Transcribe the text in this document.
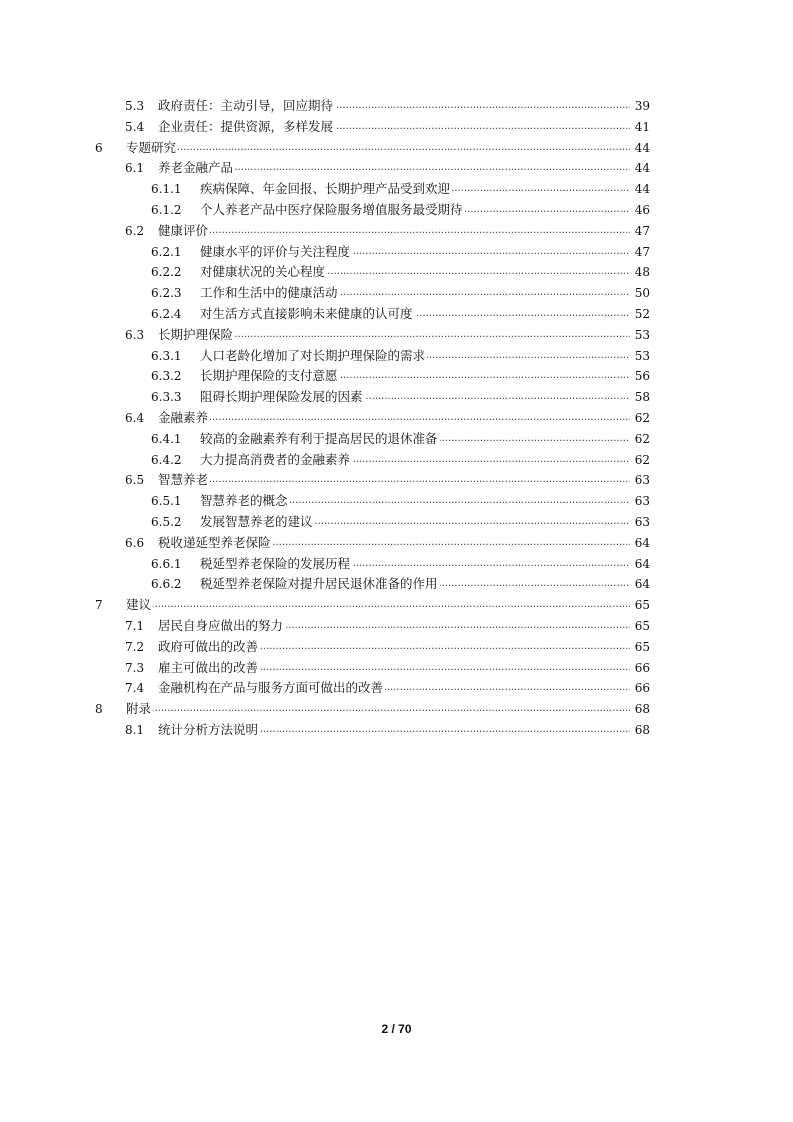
.....
5.3 政府责任：主动引导，回应期待	39
.....
5.4 企业责任：提供资源，多样发展	41
.....
6 专题研究	44
.....
6.1 养老金融产品	44
.....
6.1.1 疾病保障、年金回报、长期护理产品受到欢迎	44
.....
6.1.2 个人养老产品中医疗保险服务增值服务最受期待	46
.....
6.2 健康评价	47
.....
6.2.1 健康水平的评价与关注程度	47
.....
6.2.2 对健康状况的关心程度	48
.....
6.2.3 工作和生活中的健康活动	50
.....
6.2.4 对生活方式直接影响未来健康的认可度	52
.....
6.3 长期护理保险	53
.....
6.3.1 人口老龄化增加了对长期护理保险的需求	53
.....
6.3.2 长期护理保险的支付意愿	56
.....
6.3.3 阻碍长期护理保险发展的因素	58
.....
6.4 金融素养	62
.....
6.4.1 较高的金融素养有利于提高居民的退休准备	62
.....
6.4.2 大力提高消费者的金融素养	62
.....
6.5 智慧养老	63
.....
6.5.1 智慧养老的概念	63
.....
6.5.2 发展智慧养老的建议	63
.....
6.6 税收递延型养老保险	64
.....
6.6.1 税延型养老保险的发展历程	64
.....
6.6.2 税延型养老保险对提升居民退休准备的作用	64
.....
7 建议	65
.....
7.1 居民自身应做出的努力	65
.....
7.2 政府可做出的改善	65
.....
7.3 雇主可做出的改善	66
.....
7.4 金融机构在产品与服务方面可做出的改善	66
.....
8 附录	68
.....
8.1 统计分析方法说明	68
2 / 70
